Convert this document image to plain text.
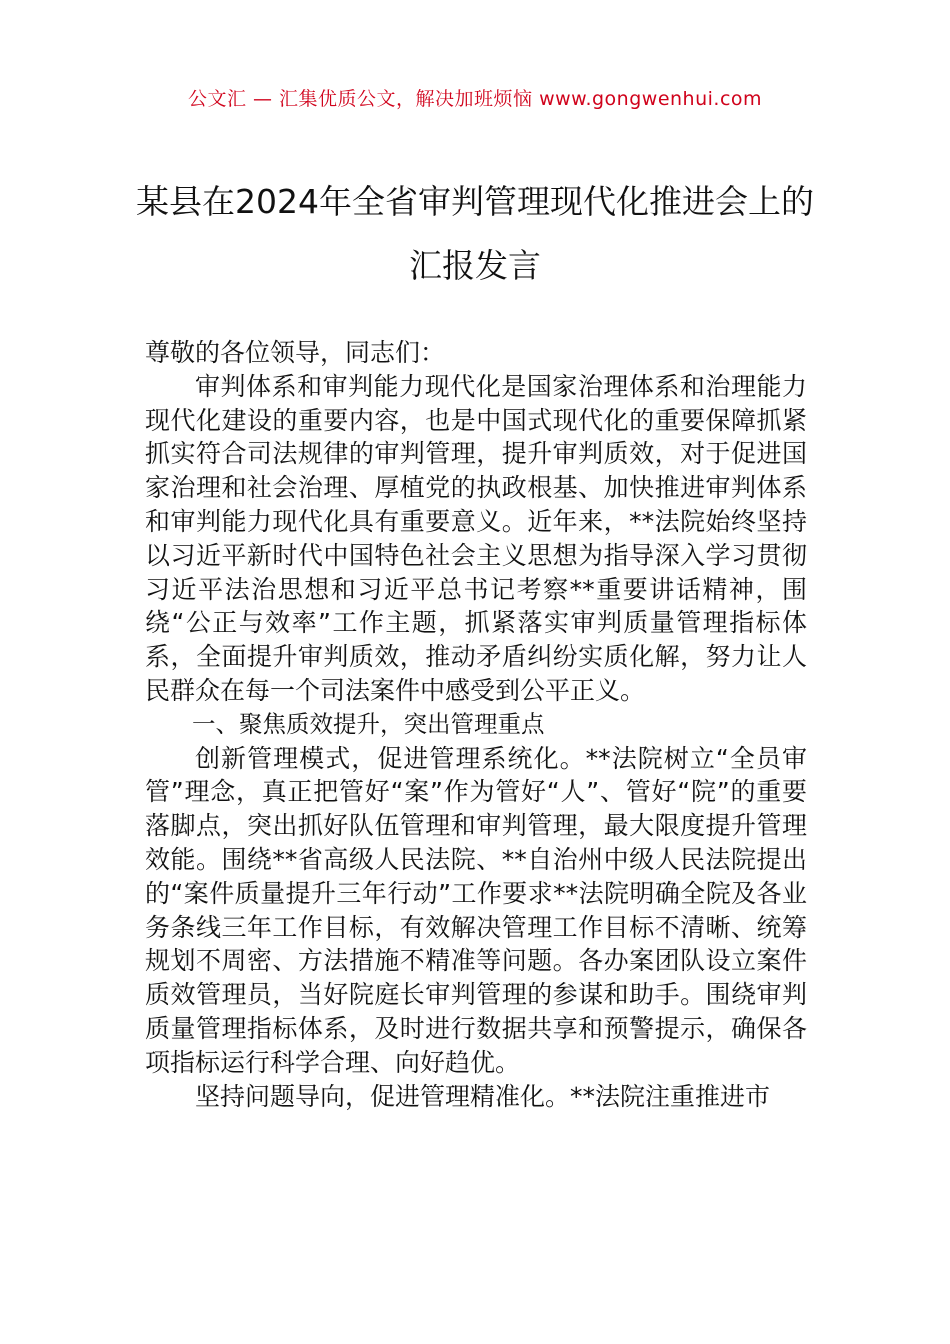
公文汇 — 汇集优质公文，解决加班烦恼 www.gongwenhui.com
某县在2024年全省审判管理现代化推进会上的汇报发言

尊敬的各位领导，同志们：

审判体系和审判能力现代化是国家治理体系和治理能力现代化建设的重要内容，也是中国式现代化的重要保障抓紧抓实符合司法规律的审判管理，提升审判质效，对于促进国家治理和社会治理、厚植党的执政根基、加快推进审判体系和审判能力现代化具有重要意义。近年来，**法院始终坚持以习近平新时代中国特色社会主义思想为指导深入学习贯彻习近平法治思想和习近平总书记考察**重要讲话精神，围绕“公正与效率”工作主题，抓紧落实审判质量管理指标体系，全面提升审判质效，推动矛盾纠纷实质化解，努力让人民群众在每一个司法案件中感受到公平正义。

一、聚焦质效提升，突出管理重点

创新管理模式，促进管理系统化。**法院树立“全员审管”理念，真正把管好“案”作为管好“人”、管好“院”的重要落脚点，突出抓好队伍管理和审判管理，最大限度提升管理效能。围绕**省高级人民法院、**自治州中级人民法院提出的“案件质量提升三年行动”工作要求**法院明确全院及各业务条线三年工作目标，有效解决管理工作目标不清晰、统筹规划不周密、方法措施不精准等问题。各办案团队设立案件质效管理员，当好院庭长审判管理的参谋和助手。围绕审判质量管理指标体系，及时进行数据共享和预警提示，确保各项指标运行科学合理、向好趋优。

坚持问题导向，促进管理精准化。**法院注重推进市
